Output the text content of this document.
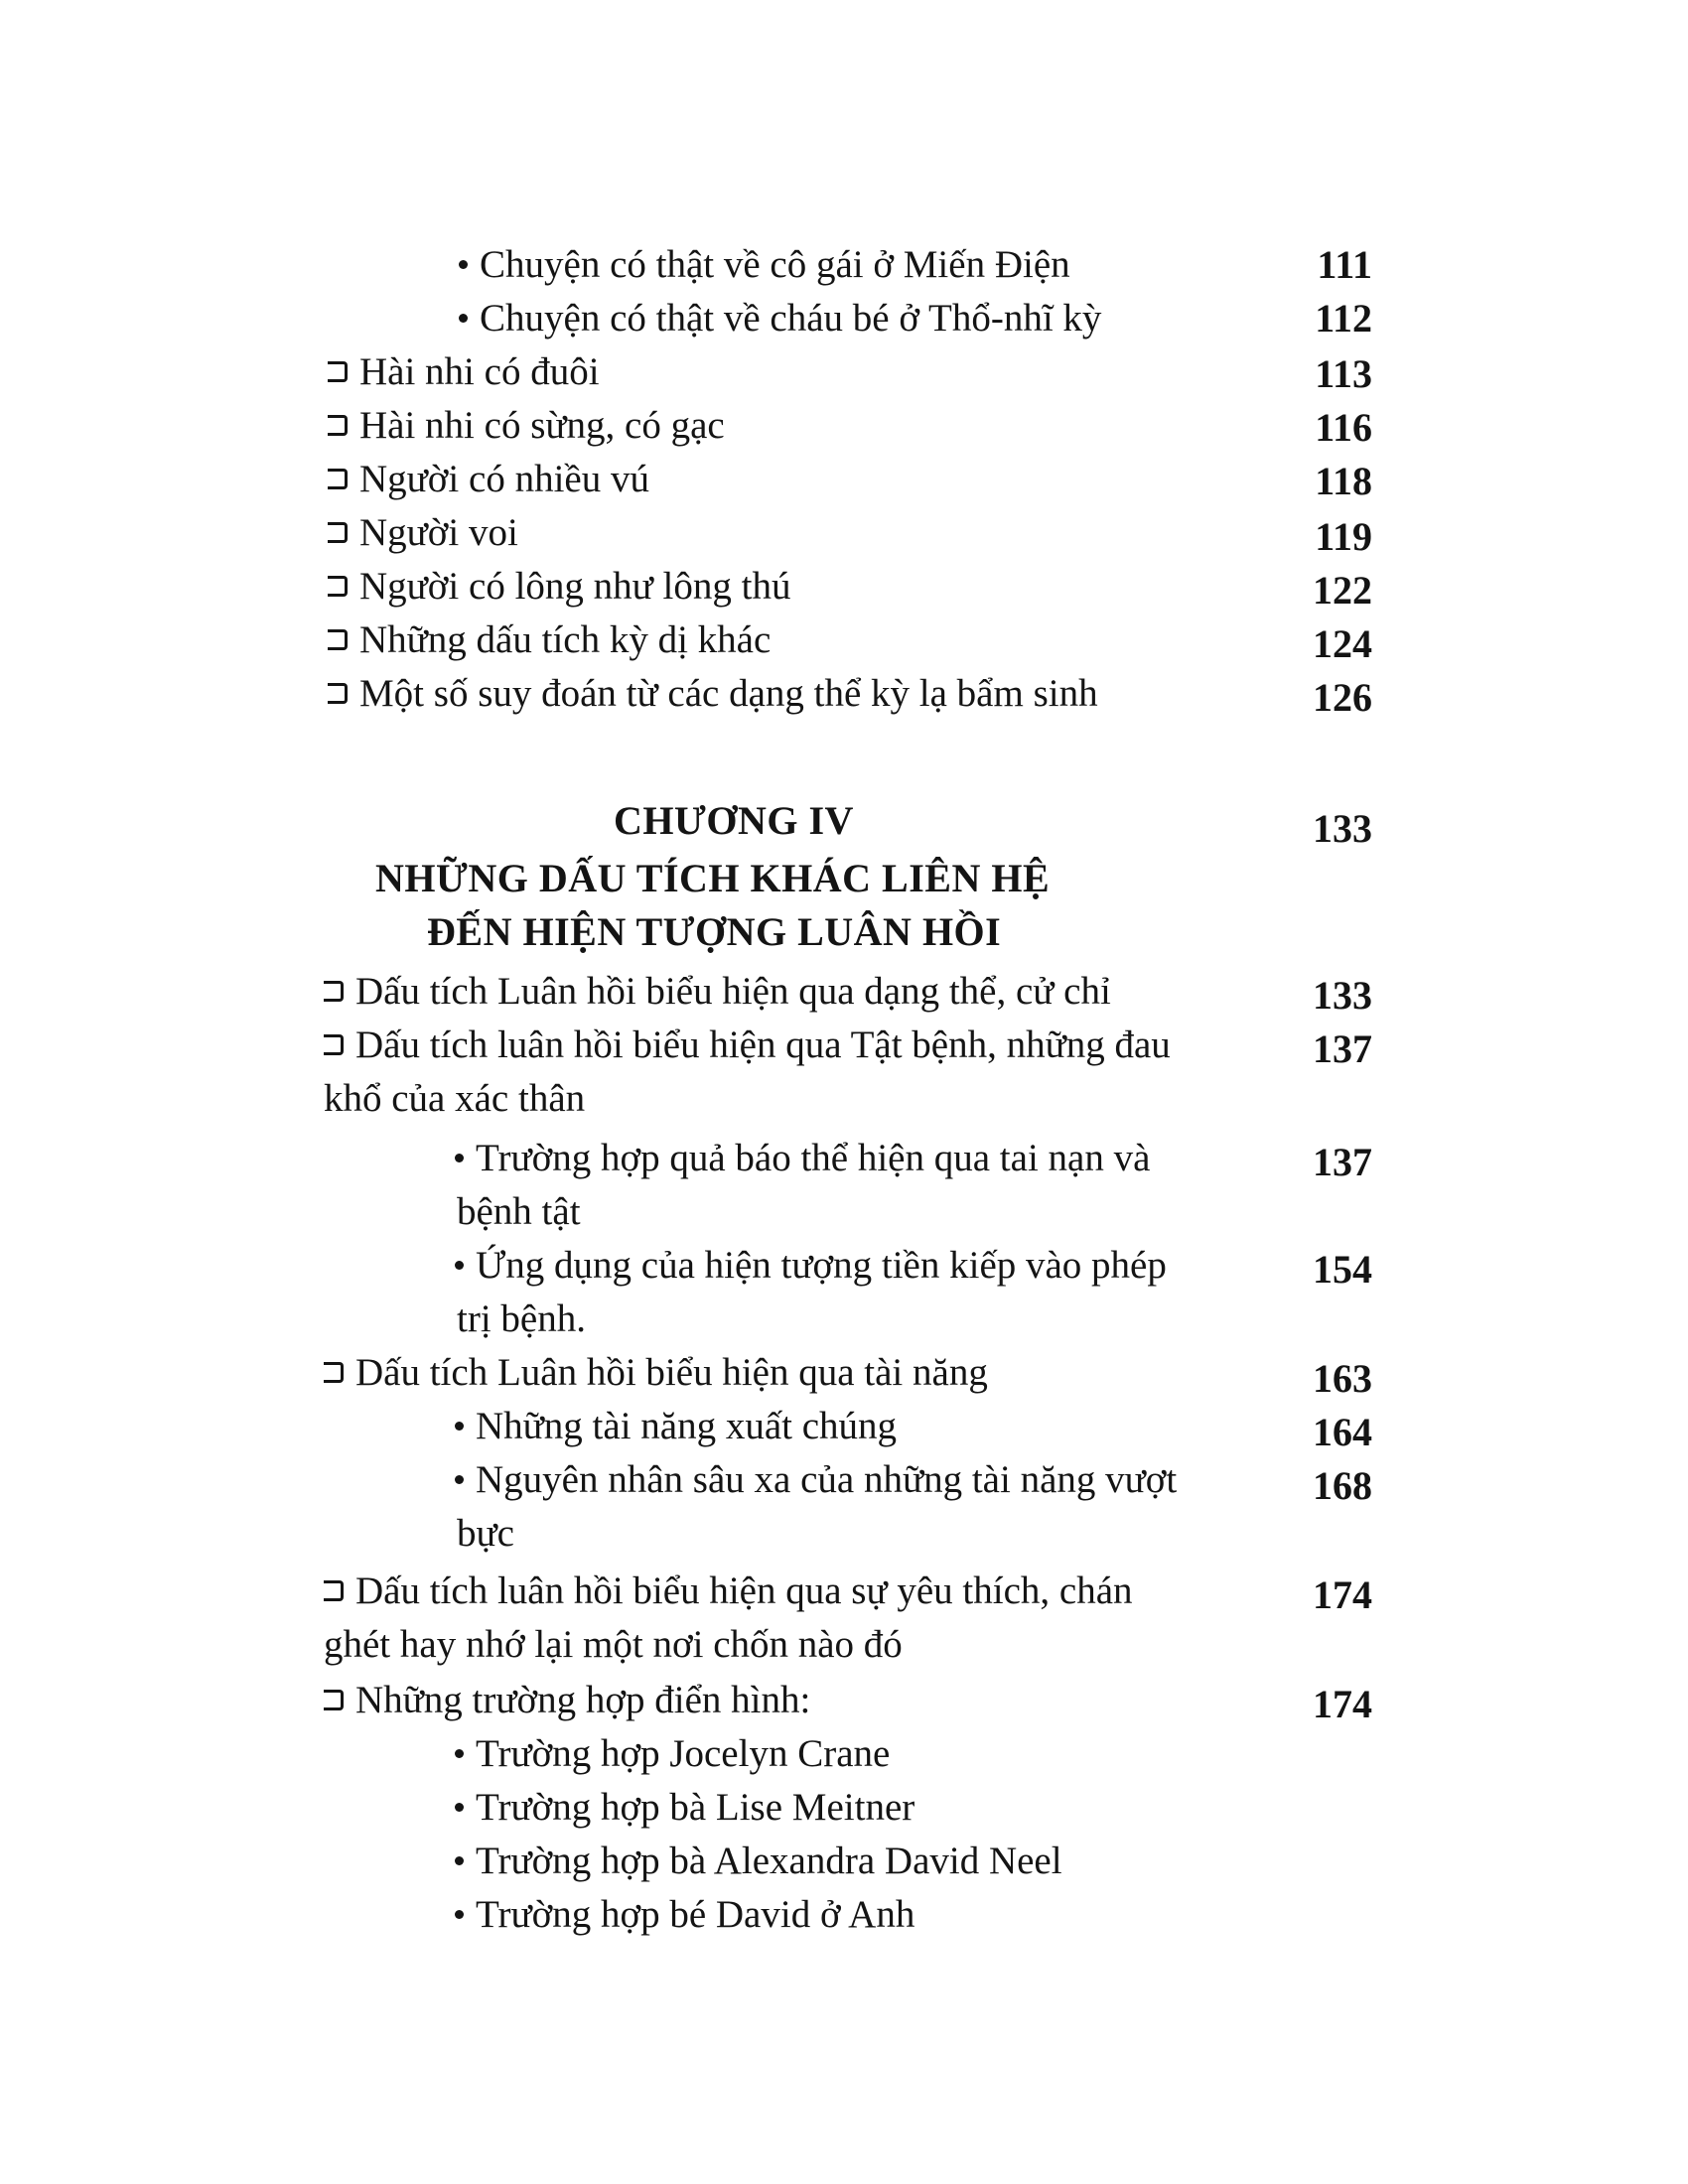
Chuyện có thật về cô gái ở Miến Điện	111
Chuyện có thật về cháu bé ở Thổ-nhĩ kỳ	112
Hài nhi có đuôi	113
Hài nhi có sừng, có gạc	116
Người có nhiều vú	118
Người voi	119
Người có lông như lông thú	122
Những dấu tích kỳ dị khác	124
Một số suy đoán từ các dạng thể kỳ lạ bẩm sinh	126
CHƯƠNG IV	133
NHỮNG DẤU TÍCH KHÁC LIÊN HỆ
ĐẾN HIỆN TƯỢNG LUÂN HỒI
Dấu tích Luân hồi biểu hiện qua dạng thể, cử chỉ	133
Dấu tích luân hồi biểu hiện qua Tật bệnh, những đau	137
khổ của xác thân
Trường hợp quả báo thể hiện qua tai nạn và	137
bệnh tật
Ứng dụng của hiện tượng tiền kiếp vào phép	154
trị bệnh.
Dấu tích Luân hồi biểu hiện qua tài năng	163
Những tài năng xuất chúng	164
Nguyên nhân sâu xa của những tài năng vượt	168
bực
Dấu tích luân hồi biểu hiện qua sự yêu thích, chán	174
ghét hay nhớ lại một nơi chốn nào đó
Những trường hợp điển hình:	174
Trường hợp Jocelyn Crane
Trường hợp bà Lise Meitner
Trường hợp bà Alexandra David Neel
Trường hợp bé David ở Anh
